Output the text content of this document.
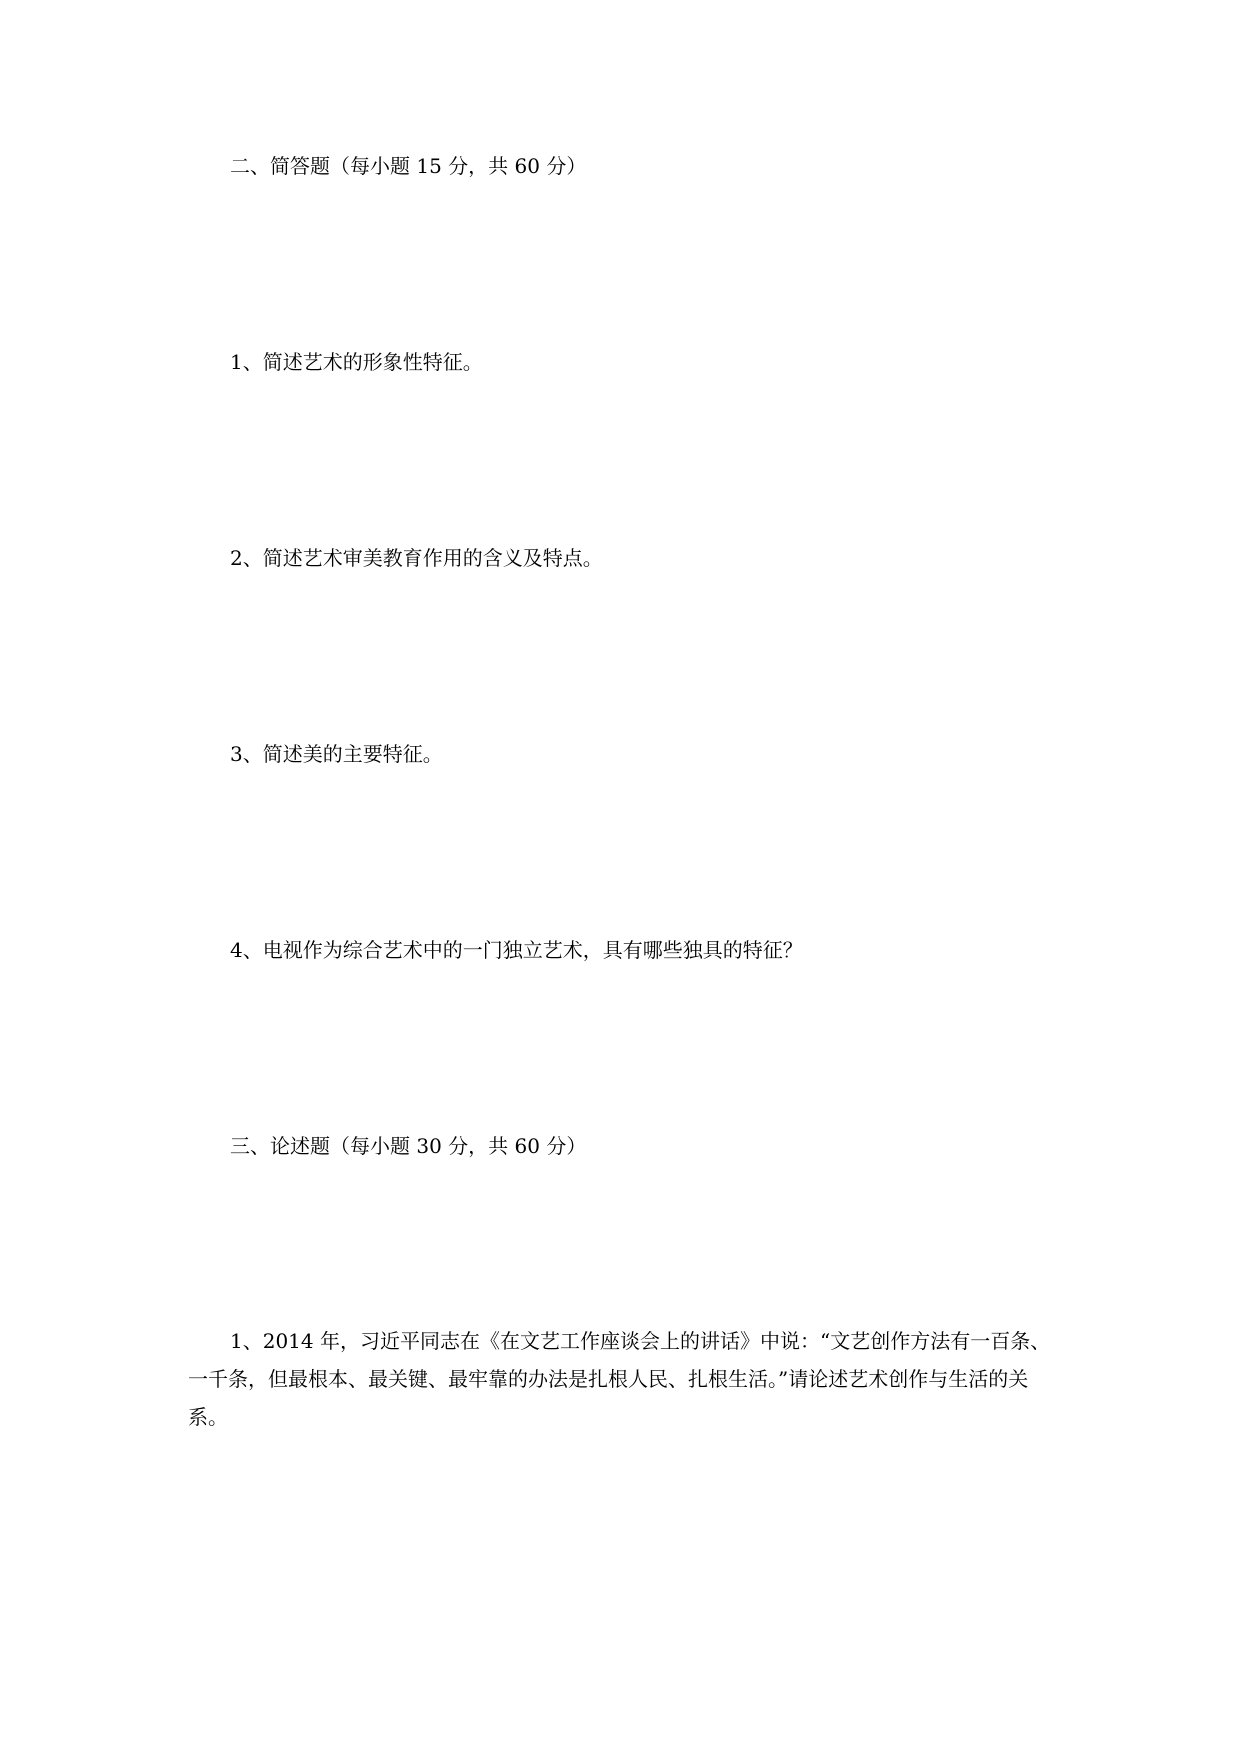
二、简答题（每小题 15 分，共 60 分）
1、简述艺术的形象性特征。
2、简述艺术审美教育作用的含义及特点。
3、简述美的主要特征。
4、电视作为综合艺术中的一门独立艺术，具有哪些独具的特征？
三、论述题（每小题 30 分，共 60 分）
1、2014 年，习近平同志在《在文艺工作座谈会上的讲话》中说：“文艺创作方法有一百条、一千条，但最根本、最关键、最牢靠的办法是扎根人民、扎根生活。”请论述艺术创作与生活的关系。
